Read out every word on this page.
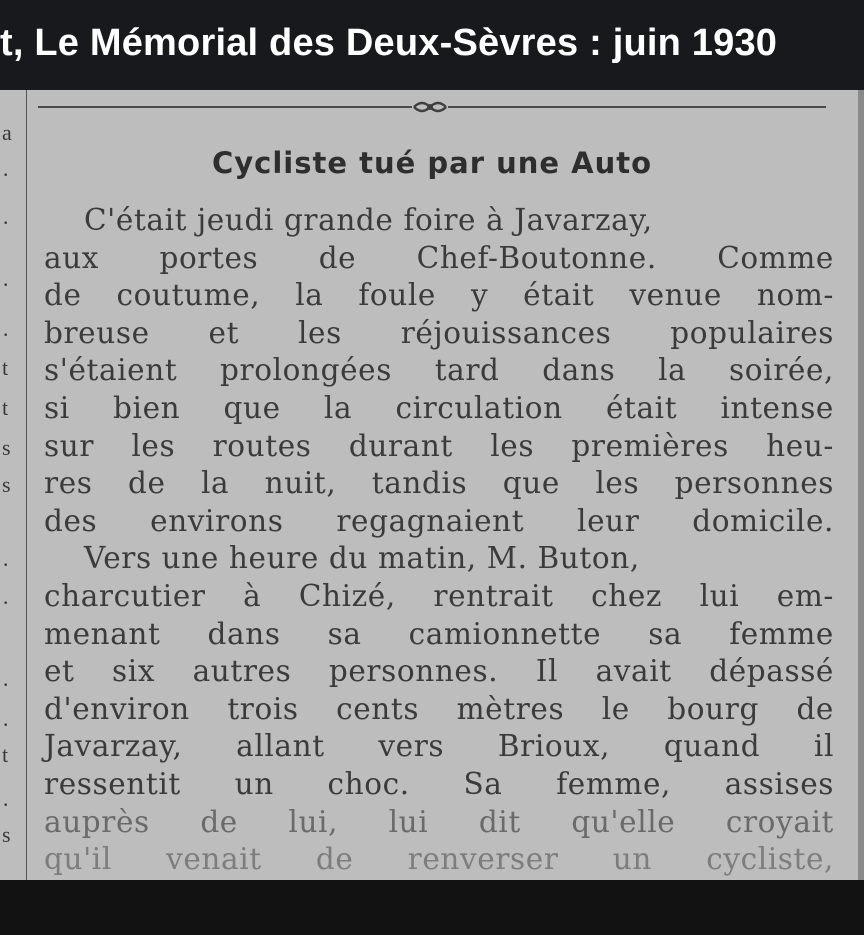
t, Le Mémorial des Deux-Sèvres : juin 1930
a
·
·
·
·
t
t
s
s
·
·
·
·
t
·
s
Cycliste tué par une Auto
C'était jeudi grande foire à Javarzay,
aux portes de Chef-Boutonne. Comme
de coutume, la foule y était venue nom-
breuse et les réjouissances populaires
s'étaient prolongées tard dans la soirée,
si bien que la circulation était intense
sur les routes durant les premières heu-
res de la nuit, tandis que les personnes
des environs regagnaient leur domicile.
Vers une heure du matin, M. Buton,
charcutier à Chizé, rentrait chez lui em-
menant dans sa camionnette sa femme
et six autres personnes. Il avait dépassé
d'environ trois cents mètres le bourg de
Javarzay, allant vers Brioux, quand il
ressentit un choc. Sa femme, assises
auprès de lui, lui dit qu'elle croyait
qu'il venait de renverser un cycliste,
